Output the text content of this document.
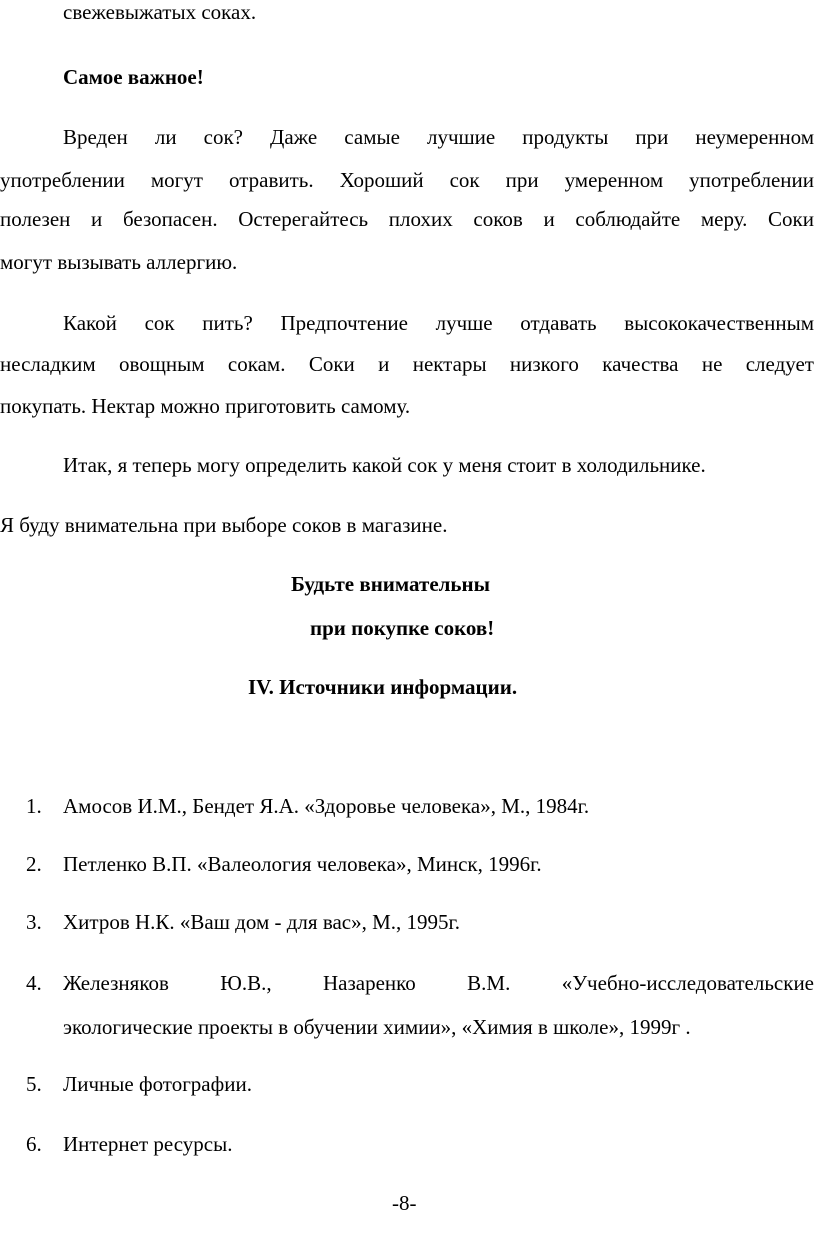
свежевыжатых соках.
Самое важное!
Вреден ли сок? Даже самые лучшие продукты при неумеренном
употреблении могут отравить. Хороший сок при умеренном употреблении
полезен и безопасен. Остерегайтесь плохих соков и соблюдайте меру. Соки
могут вызывать аллергию.
Какой сок пить? Предпочтение лучше отдавать высококачественным
несладким овощным сокам. Соки и нектары низкого качества не следует
покупать. Нектар можно приготовить самому.
Итак, я теперь могу определить какой сок у меня стоит в холодильнике.
Я буду внимательна при выборе соков в магазине.
Будьте внимательны
при покупке соков!
IV. Источники информации.
1.	Амосов И.М., Бендет Я.А. «Здоровье человека», М., 1984г.
2.	Петленко В.П. «Валеология человека», Минск, 1996г.
3.	Хитров Н.К. «Ваш дом - для вас», М., 1995г.
4.	Железняков Ю.В., Назаренко В.М. «Учебно-исследовательские
экологические проекты в обучении химии», «Химия в школе», 1999г .
5.	Личные фотографии.
6.	Интернет ресурсы.
-8-
